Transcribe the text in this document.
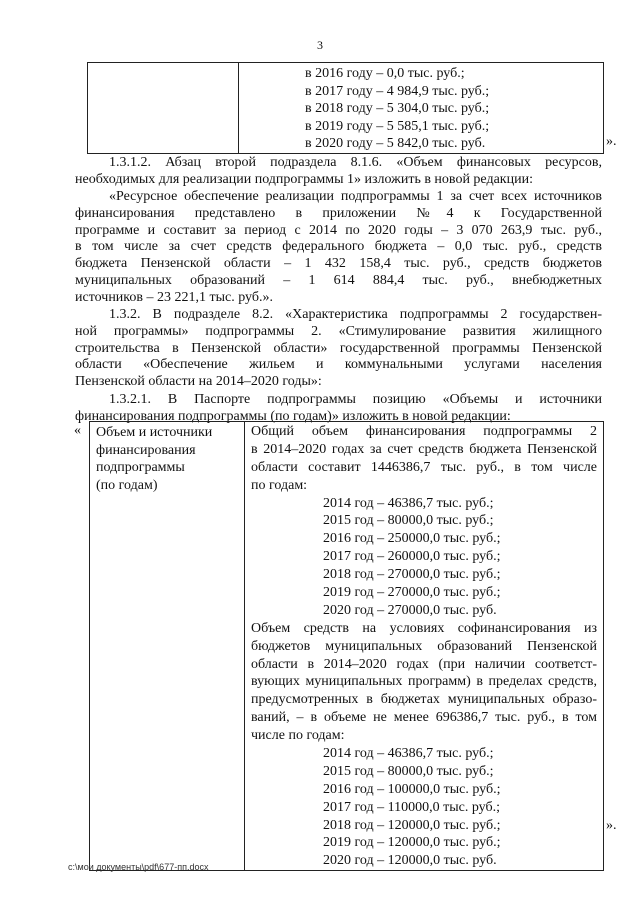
3

в 2016 году – 0,0 тыс. руб.;
в 2017 году – 4 984,9 тыс. руб.;
в 2018 году – 5 304,0 тыс. руб.;
в 2019 году – 5 585,1 тыс. руб.;
в 2020 году – 5 842,0 тыс. руб.	».
1.3.1.2. Абзац второй подраздела 8.1.6. «Объем финансовых ресурсов,
необходимых для реализации подпрограммы 1» изложить в новой редакции:
«Ресурсное обеспечение реализации подпрограммы 1 за счет всех источников
финансирования представлено в приложении №4 к Государственной
программе и составит за период с 2014 по 2020 годы – 3 070 263,9 тыс. руб.,
в том числе за счет средств федерального бюджета – 0,0 тыс. руб., средств
бюджета Пензенской области – 1 432 158,4 тыс. руб., средств бюджетов
муниципальных образований – 1 614 884,4 тыс. руб., внебюджетных
источников – 23 221,1 тыс. руб.».
1.3.2. В подразделе 8.2. «Характеристика подпрограммы 2 государствен-
ной программы» подпрограммы 2. «Стимулирование развития жилищного
строительства в Пензенской области» государственной программы Пензенской
области «Обеспечение жильем и коммунальными услугами населения
Пензенской области на 2014–2020 годы»:
1.3.2.1. В Паспорте подпрограммы позицию «Объемы и источники
финансирования подпрограммы (по годам)» изложить в новой редакции:
« Объем и источники
финансирования
подпрограммы
(по годам)

Общий объем финансирования подпрограммы 2
в 2014–2020 годах за счет средств бюджета Пензенской
области составит 1446386,7 тыс. руб., в том числе
по годам:
2014 год – 46386,7 тыс. руб.;
2015 год – 80000,0 тыс. руб.;
2016 год – 250000,0 тыс. руб.;
2017 год – 260000,0 тыс. руб.;
2018 год – 270000,0 тыс. руб.;
2019 год – 270000,0 тыс. руб.;
2020 год – 270000,0 тыс. руб.
Объем средств на условиях софинансирования из
бюджетов муниципальных образований Пензенской
области в 2014–2020 годах (при наличии соответст-
вующих муниципальных программ) в пределах средств,
предусмотренных в бюджетах муниципальных образо-
ваний, – в объеме не менее 696386,7 тыс. руб., в том
числе по годам:
2014 год – 46386,7 тыс. руб.;
2015 год – 80000,0 тыс. руб.;
2016 год – 100000,0 тыс. руб.;
2017 год – 110000,0 тыс. руб.;
2018 год – 120000,0 тыс. руб.;
2019 год – 120000,0 тыс. руб.;
2020 год – 120000,0 тыс. руб.
».
c:\мои документы\pdf\677-пп.docx
